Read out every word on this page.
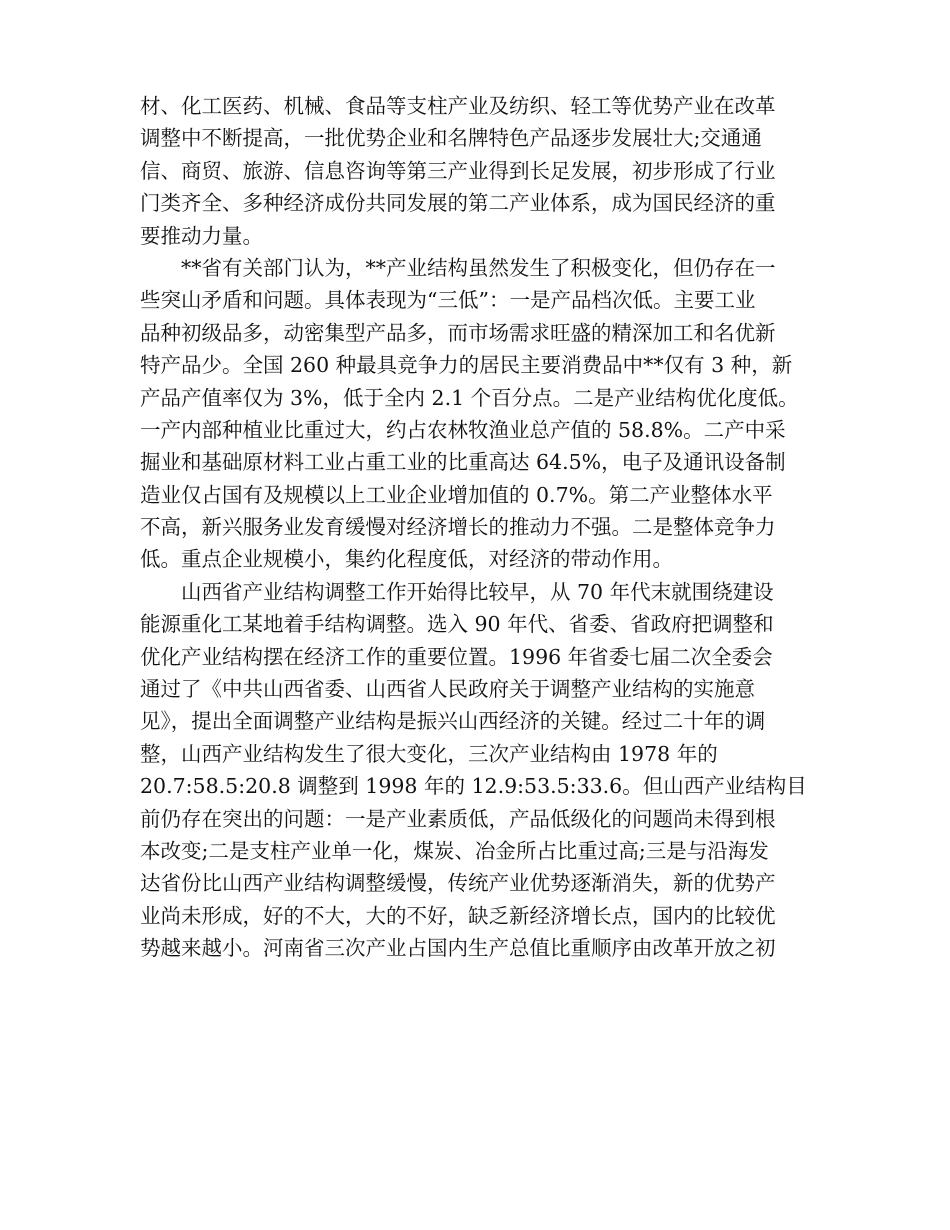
材、化工医药、机械、食品等支柱产业及纺织、轻工等优势产业在改革
调整中不断提高，一批优势企业和名牌特色产品逐步发展壮大;交通通
信、商贸、旅游、信息咨询等第三产业得到长足发展，初步形成了行业
门类齐全、多种经济成份共同发展的第二产业体系，成为国民经济的重
要推动力量。
**省有关部门认为，**产业结构虽然发生了积极变化，但仍存在一
些突山矛盾和问题。具体表现为“三低”：一是产品档次低。主要工业
品种初级品多，动密集型产品多，而市场需求旺盛的精深加工和名优新
特产品少。全国 260 种最具竞争力的居民主要消费品中**仅有 3 种，新
产品产值率仅为 3%，低于全内 2.1 个百分点。二是产业结构优化度低。
一产内部种植业比重过大，约占农林牧渔业总产值的 58.8%。二产中采
掘业和基础原材料工业占重工业的比重高达 64.5%，电子及通讯设备制
造业仅占国有及规模以上工业企业增加值的 0.7%。第二产业整体水平
不高，新兴服务业发育缓慢对经济增长的推动力不强。二是整体竞争力
低。重点企业规模小，集约化程度低，对经济的带动作用。
山西省产业结构调整工作开始得比较早，从 70 年代末就围绕建设
能源重化工某地着手结构调整。选入 90 年代、省委、省政府把调整和
优化产业结构摆在经济工作的重要位置。1996 年省委七届二次全委会
通过了《中共山西省委、山西省人民政府关于调整产业结构的实施意
见》，提出全面调整产业结构是振兴山西经济的关键。经过二十年的调
整，山西产业结构发生了很大变化，三次产业结构由 1978 年的
20.7:58.5:20.8 调整到 1998 年的 12.9:53.5:33.6。但山西产业结构目
前仍存在突出的问题：一是产业素质低，产品低级化的问题尚未得到根
本改变;二是支柱产业单一化，煤炭、冶金所占比重过高;三是与沿海发
达省份比山西产业结构调整缓慢，传统产业优势逐渐消失，新的优势产
业尚未形成，好的不大，大的不好，缺乏新经济增长点，国内的比较优
势越来越小。河南省三次产业占国内生产总值比重顺序由改革开放之初
